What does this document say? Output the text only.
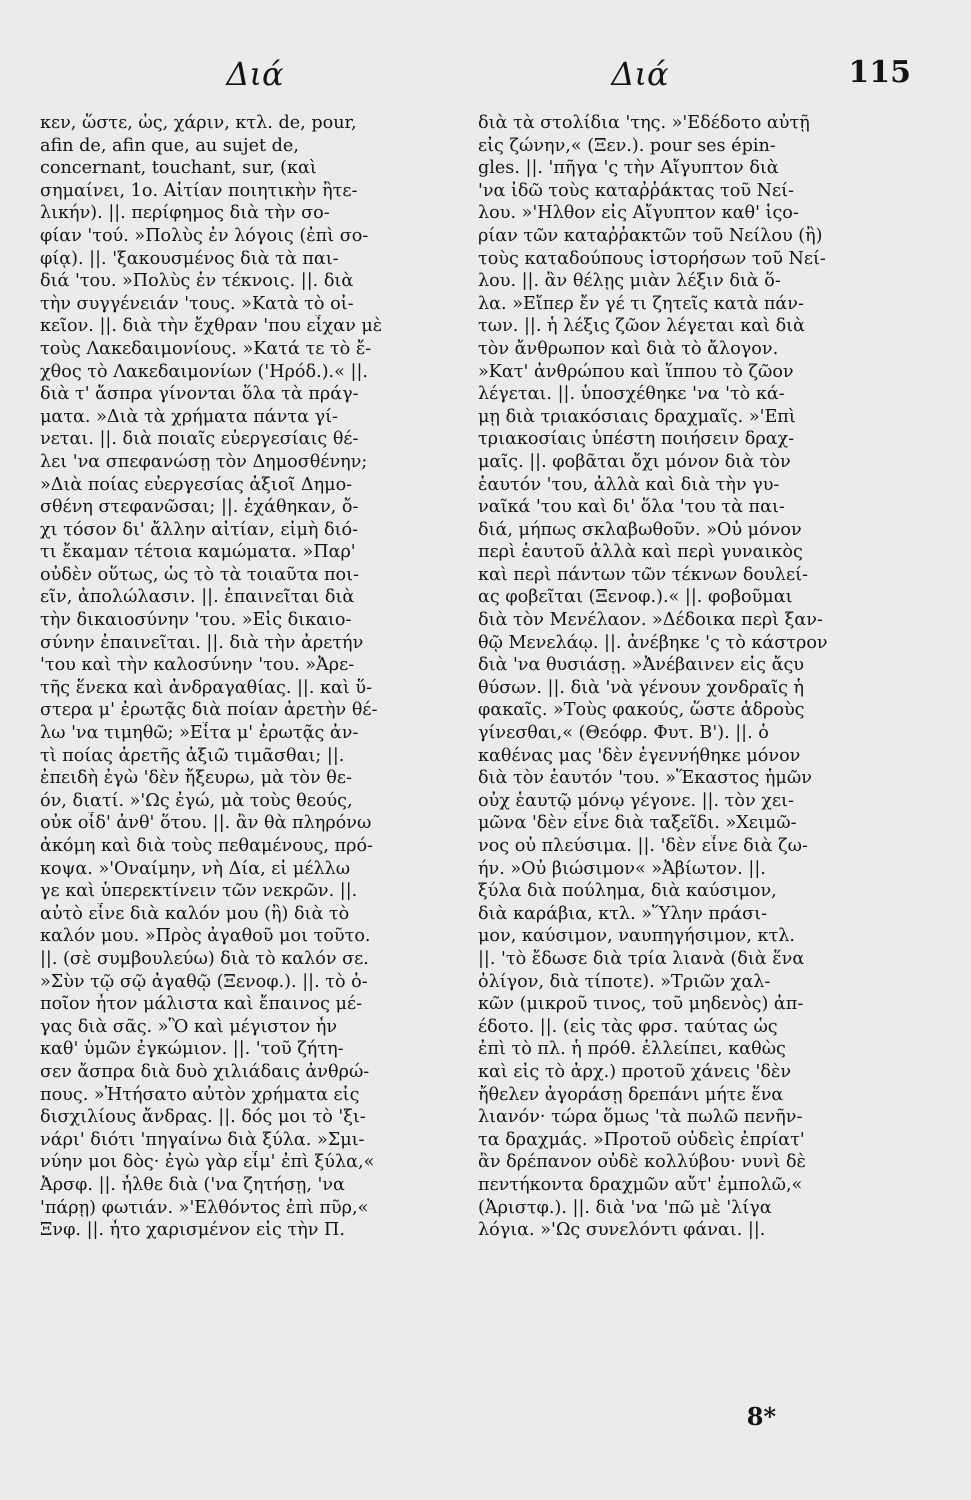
Διά	Διά	115
κεν, ὥστε, ὡς, χάριν, κτλ. de, pour,
afin de, afin que, au sujet de,
concernant, touchant, sur, (καὶ
σημαίνει, 1ο. Αἰτίαν ποιητικὴν ἢτε-
λικήν). ||. περίφημος διὰ τὴν σο-
φίαν 'τού. »Πολὺς ἐν λόγοις (ἐπὶ σο-
φίᾳ). ||. 'ξακουσμένος διὰ τὰ παι-
διά 'του. »Πολὺς ἐν τέκνοις. ||. διὰ
τὴν συγγένειάν 'τους. »Κατὰ τὸ οἰ-
κεῖον. ||. διὰ τὴν ἔχθραν 'που εἶχαν μὲ
τοὺς Λακεδαιμονίους. »Κατά τε τὸ ἔ-
χθος τὸ Λακεδαιμονίων ('Ηρόδ.).« ||.
διὰ τ' ἄσπρα γίνονται ὅλα τὰ πράγ-
ματα. »Διὰ τὰ χρήματα πάντα γί-
νεται. ||. διὰ ποιαῖς εὐεργεσίαις θέ-
λει 'να σπεφανώσῃ τὸν Δημοσθένην;
»Διὰ ποίας εὐεργεσίας ἀξιοῖ Δημο-
σθένη στεφανῶσαι; ||. ἐχάθηκαν, ὄ-
χι τόσον δι' ἄλλην αἰτίαν, εἰμὴ διό-
τι ἔκαμαν τέτοια καμώματα. »Παρ'
οὐδὲν οὕτως, ὡς τὸ τὰ τοιαῦτα ποι-
εῖν, ἀπολώλασιν. ||. ἐπαινεῖται διὰ
τὴν δικαιοσύνην 'του. »Εἰς δικαιο-
σύνην ἐπαινεῖται. ||. διὰ τὴν ἀρετήν
'του καὶ τὴν καλοσύνην 'του. »Ἀρε-
τῆς ἕνεκα καὶ ἀνδραγαθίας. ||. καὶ ὕ-
στερα μ' ἐρωτᾷς διὰ ποίαν ἀρετὴν θέ-
λω 'να τιμηθῶ; »Εἶτα μ' ἐρωτᾷς ἀν-
τὶ ποίας ἀρετῆς ἀξιῶ τιμᾶσθαι; ||.
ἐπειδὴ ἐγὼ 'δὲν ἤξευρω, μὰ τὸν θε-
όν, διατί. »'Ως ἐγώ, μὰ τοὺς θεούς,
οὐκ οἶδ' ἀνθ' ὅτου. ||. ἂν θὰ πληρόνω
ἀκόμη καὶ διὰ τοὺς πεθαμένους, πρό-
κοψα. »'Οναίμην, νὴ Δία, εἰ μέλλω
γε καὶ ὑπερεκτίνειν τῶν νεκρῶν. ||.
αὐτὸ εἶνε διὰ καλόν μου (ἢ) διὰ τὸ
καλόν μου. »Πρὸς ἀγαθοῦ μοι τοῦτο.
||. (σὲ συμβουλεύω) διὰ τὸ καλόν σε.
»Σὺν τῷ σῷ ἀγαθῷ (Ξενοφ.). ||. τὸ ὁ-
ποῖον ἦτον μάλιστα καὶ ἔπαινος μέ-
γας διὰ σᾶς. »Ὃ καὶ μέγιστον ἦν
καθ' ὑμῶν ἐγκώμιον. ||. 'τοῦ ζήτη-
σεν ἄσπρα διὰ δυὸ χιλιάδαις ἀνθρώ-
πους. »Ἠτήσατο αὐτὸν χρήματα εἰς
δισχιλίους ἄνδρας. ||. δός μοι τὸ 'ξι-
νάρι' διότι 'πηγαίνω διὰ ξύλα. »Σμι-
νύην μοι δὸς· ἐγὼ γὰρ εἶμ' ἐπὶ ξύλα,«
Ἀρσφ. ||. ἦλθε διὰ ('να ζητήσῃ, 'να
'πάρῃ) φωτιάν. »'Ελθόντος ἐπὶ πῦρ,«
Ξνφ. ||. ἦτο χαρισμένον εἰς τὴν Π.
διὰ τὰ στολίδια 'της. »'Εδέδοτο αὐτῇ
εἰς ζώνην,« (Ξεν.). pour ses épin-
gles. ||. 'πῆγα 'ς τὴν Αἴγυπτον διὰ
'να ἰδῶ τοὺς καταῤῥάκτας τοῦ Νεί-
λου. »'Ηλθον εἰς Αἴγυπτον καθ' ἱςο-
ρίαν τῶν καταῤῥακτῶν τοῦ Νείλου (ἢ)
τοὺς καταδούπους ἱστορήσων τοῦ Νεί-
λου. ||. ἂν θέλῃς μιὰν λέξιν διὰ ὅ-
λα. »Εἴπερ ἔν γέ τι ζητεῖς κατὰ πάν-
των. ||. ἡ λέξις ζῶον λέγεται καὶ διὰ
τὸν ἄνθρωπον καὶ διὰ τὸ ἄλογον.
»Κατ' ἀνθρώπου καὶ ἵππου τὸ ζῶον
λέγεται. ||. ὑποσχέθηκε 'να 'τὸ κά-
μῃ διὰ τριακόσιαις δραχμαῖς. »'Επὶ
τριακοσίαις ὑπέστη ποιήσειν δραχ-
μαῖς. ||. φοβᾶται ὄχι μόνον διὰ τὸν
ἑαυτόν 'του, ἀλλὰ καὶ διὰ τὴν γυ-
ναῖκά 'του καὶ δι' ὅλα 'του τὰ παι-
διά, μήπως σκλαβωθοῦν. »Οὐ μόνον
περὶ ἑαυτοῦ ἀλλὰ καὶ περὶ γυναικὸς
καὶ περὶ πάντων τῶν τέκνων δουλεί-
ας φοβεῖται (Ξενοφ.).« ||. φοβοῦμαι
διὰ τὸν Μενέλαον. »Δέδοικα περὶ ξαν-
θῷ Μενελάῳ. ||. ἀνέβηκε 'ς τὸ κάστρον
διὰ 'να θυσιάσῃ. »Ἀνέβαινεν εἰς ἄςυ
θύσων. ||. διὰ 'νὰ γένουν χονδραῖς ἡ
φακαῖς. »Τοὺς φακούς, ὥστε ἁδροὺς
γίνεσθαι,« (Θεόφρ. Φυτ. Β'). ||. ὁ
καθένας μας 'δὲν ἐγεννήθηκε μόνον
διὰ τὸν ἑαυτόν 'του. »Ἕκαστος ἡμῶν
οὐχ ἑαυτῷ μόνῳ γέγονε. ||. τὸν χει-
μῶνα 'δὲν εἶνε διὰ ταξεῖδι. »Χειμῶ-
νος οὐ πλεύσιμα. ||. 'δὲν εἶνε διὰ ζω-
ήν. »Οὐ βιώσιμον« »Ἀβίωτον. ||.
ξύλα διὰ πούλημα, διὰ καύσιμον,
διὰ καράβια, κτλ. »Ὕλην πράσι-
μον, καύσιμον, ναυπηγήσιμον, κτλ.
||. 'τὸ ἔδωσε διὰ τρία λιανὰ (διὰ ἕνα
ὀλίγον, διὰ τίποτε). »Τριῶν χαλ-
κῶν (μικροῦ τινος, τοῦ μηδενὸς) ἀπ-
έδοτο. ||. (εἰς τὰς φρσ. ταύτας ὡς
ἐπὶ τὸ πλ. ἡ πρόθ. ἐλλείπει, καθὼς
καὶ εἰς τὸ ἀρχ.) προτοῦ χάνεις 'δὲν
ἤθελεν ἀγοράσῃ δρεπάνι μήτε ἕνα
λιανόν· τώρα ὅμως 'τὰ πωλῶ πενῆν-
τα δραχμάς. »Προτοῦ οὐδεὶς ἐπρίατ'
ἂν δρέπανον οὐδὲ κολλύβου· νυνὶ δὲ
πεντήκοντα δραχμῶν αὔτ' ἐμπολῶ,«
(Ἀριστφ.). ||. διὰ 'να 'πῶ μὲ 'λίγα
λόγια. »'Ως συνελόντι φάναι. ||.
8*
